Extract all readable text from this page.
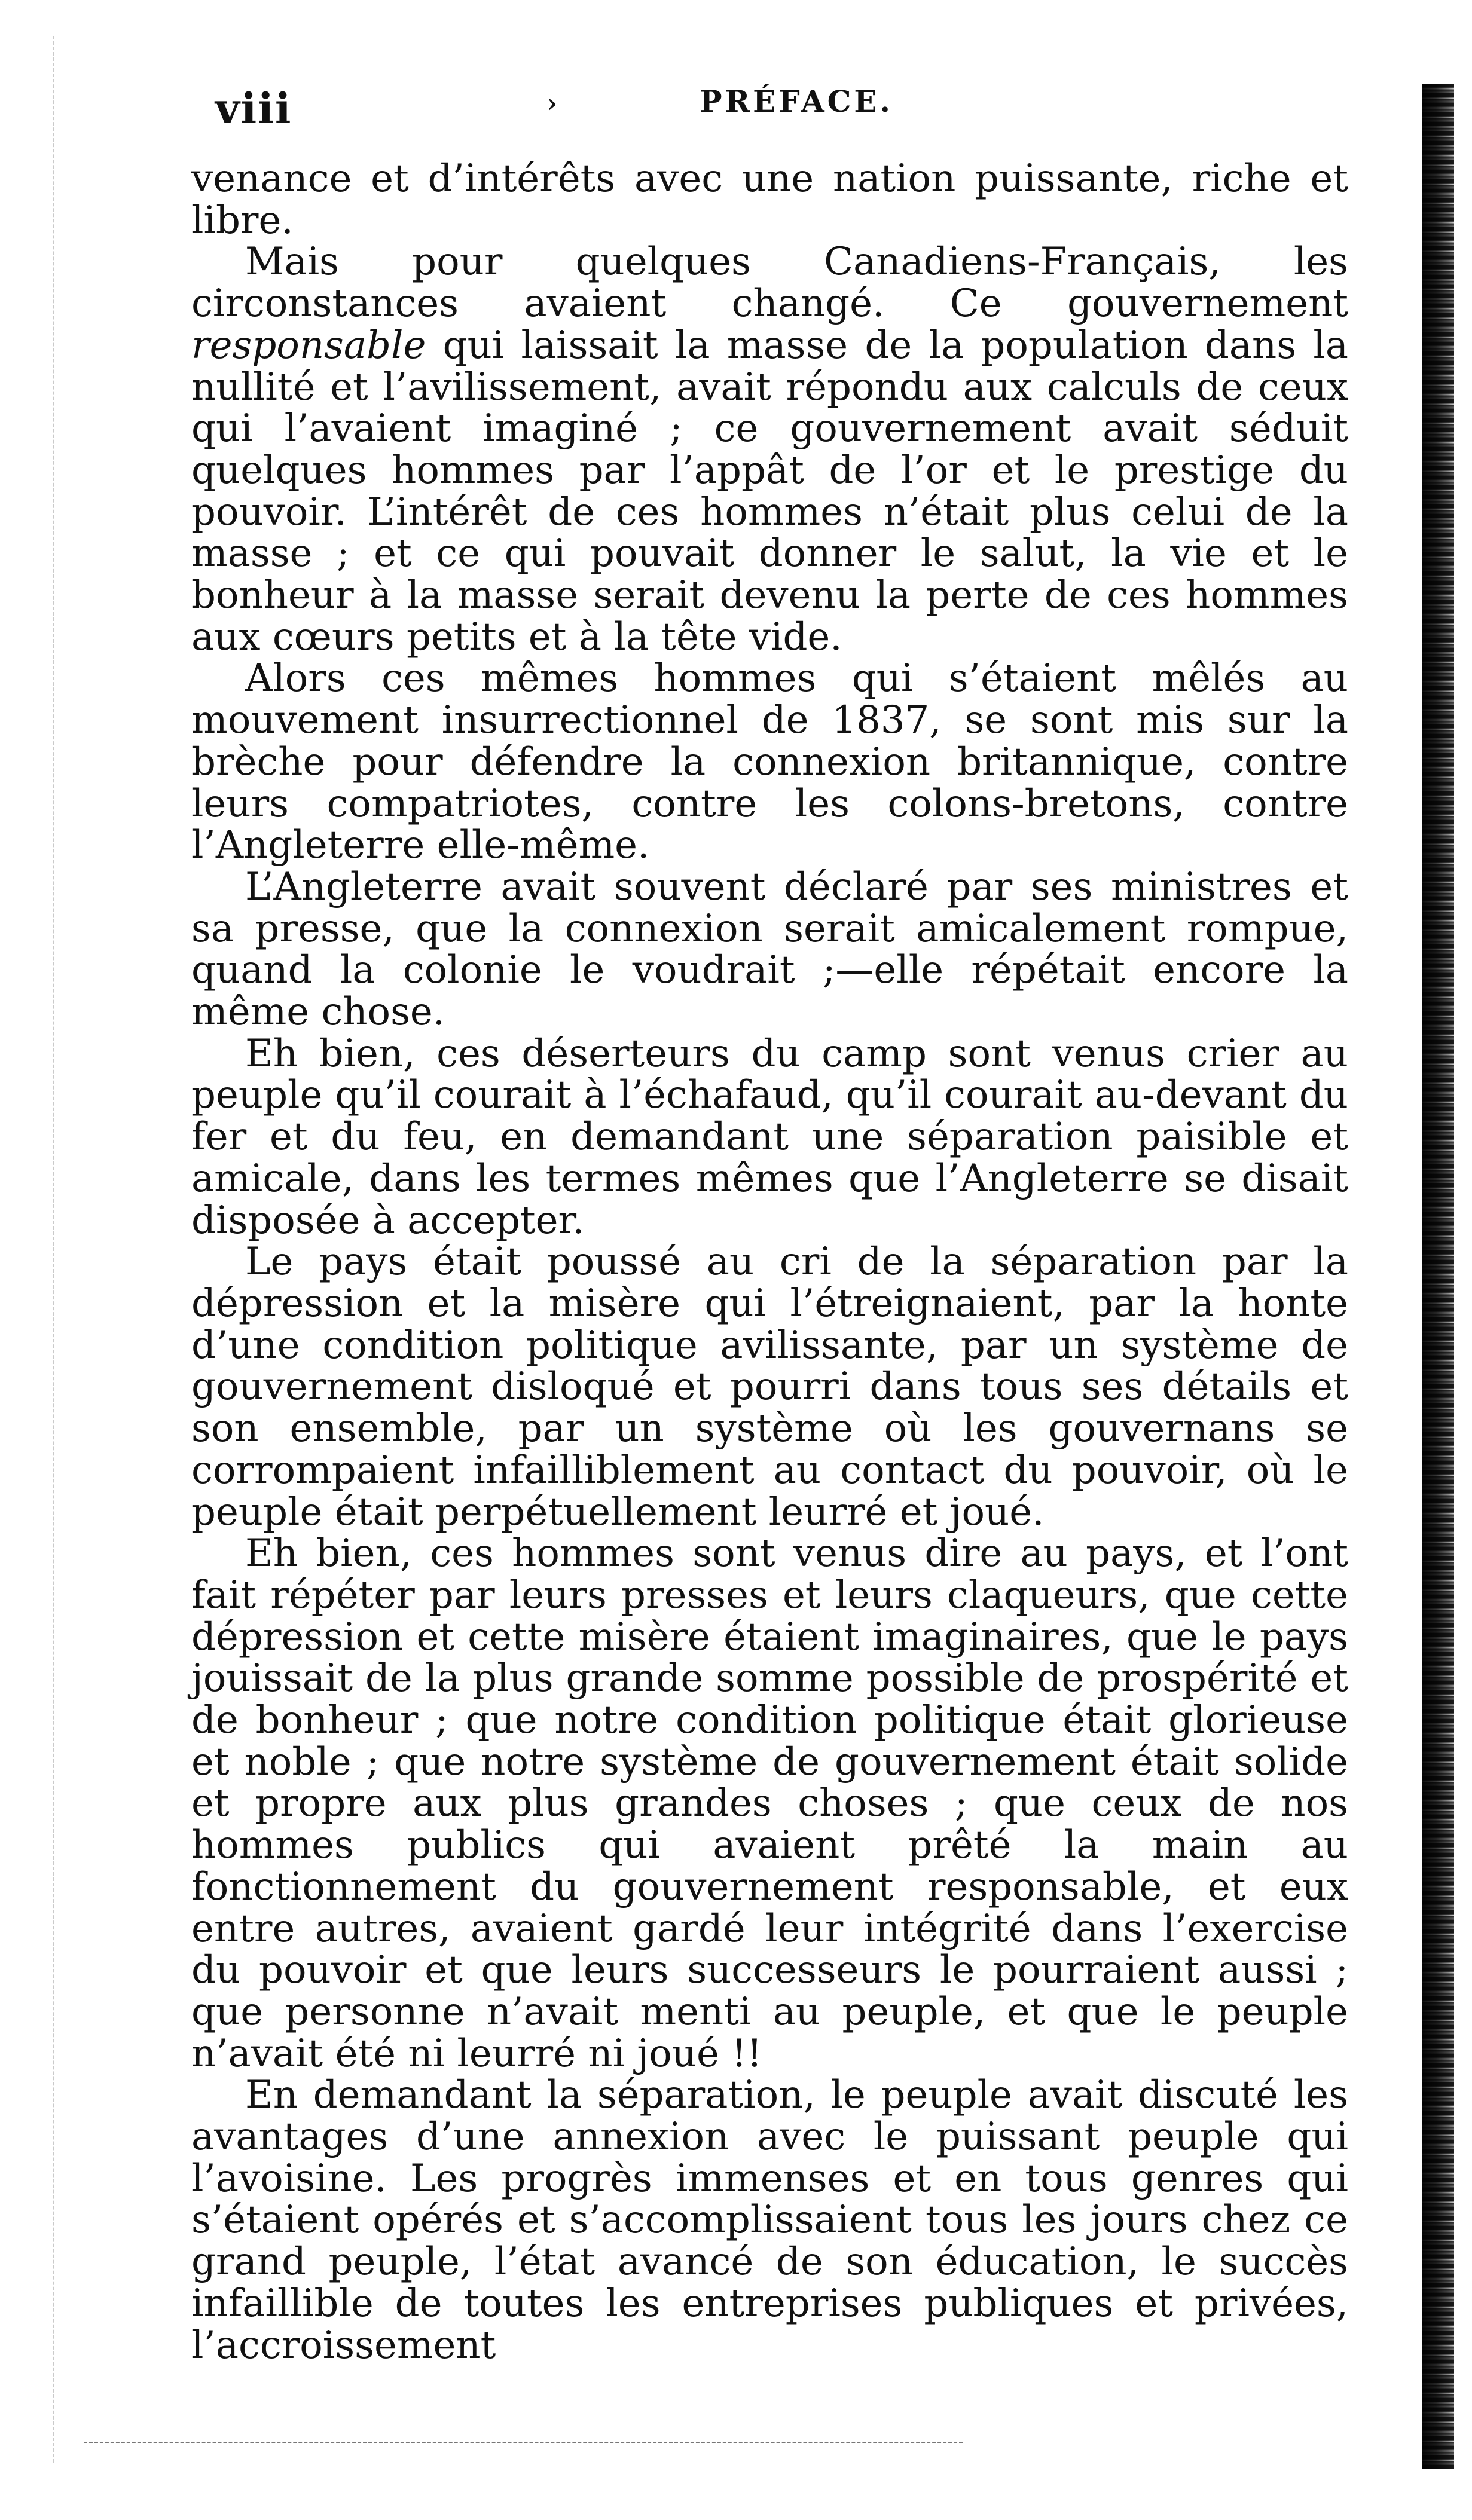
viii	›	PRÉFACE.

venance et d’intérêts avec une nation puissante, riche et libre.

Mais pour quelques Canadiens-Français, les circonstances avaient changé. Ce gouvernement responsable qui laissait la masse de la population dans la nullité et l’avilissement, avait répondu aux calculs de ceux qui l’avaient imaginé ; ce gouvernement avait séduit quelques hommes par l’appât de l’or et le prestige du pouvoir. L’intérêt de ces hommes n’était plus celui de la masse ; et ce qui pouvait donner le salut, la vie et le bonheur à la masse serait devenu la perte de ces hommes aux cœurs petits et à la tête vide.

Alors ces mêmes hommes qui s’étaient mêlés au mouvement insurrectionnel de 1837, se sont mis sur la brèche pour défendre la connexion britannique, contre leurs compatriotes, contre les colons-bretons, contre l’Angleterre elle-même.

L’Angleterre avait souvent déclaré par ses ministres et sa presse, que la connexion serait amicalement rompue, quand la colonie le voudrait ;—elle répétait encore la même chose.

Eh bien, ces déserteurs du camp sont venus crier au peuple qu’il courait à l’échafaud, qu’il courait au-devant du fer et du feu, en demandant une séparation paisible et amicale, dans les termes mêmes que l’Angleterre se disait disposée à accepter.

Le pays était poussé au cri de la séparation par la dépression et la misère qui l’étreignaient, par la honte d’une condition politique avilissante, par un système de gouvernement disloqué et pourri dans tous ses détails et son ensemble, par un système où les gouvernans se corrompaient infailliblement au contact du pouvoir, où le peuple était perpétuellement leurré et joué.

Eh bien, ces hommes sont venus dire au pays, et l’ont fait répéter par leurs presses et leurs claqueurs, que cette dépression et cette misère étaient imaginaires, que le pays jouissait de la plus grande somme possible de prospérité et de bonheur ; que notre condition politique était glorieuse et noble ; que notre système de gouvernement était solide et propre aux plus grandes choses ; que ceux de nos hommes publics qui avaient prêté la main au fonctionnement du gouvernement responsable, et eux entre autres, avaient gardé leur intégrité dans l’exercise du pouvoir et que leurs successeurs le pourraient aussi ; que personne n’avait menti au peuple, et que le peuple n’avait été ni leurré ni joué !!

En demandant la séparation, le peuple avait discuté les avantages d’une annexion avec le puissant peuple qui l’avoisine. Les progrès immenses et en tous genres qui s’étaient opérés et s’accomplissaient tous les jours chez ce grand peuple, l’état avancé de son éducation, le succès infaillible de toutes les entreprises publiques et privées, l’accroissement
